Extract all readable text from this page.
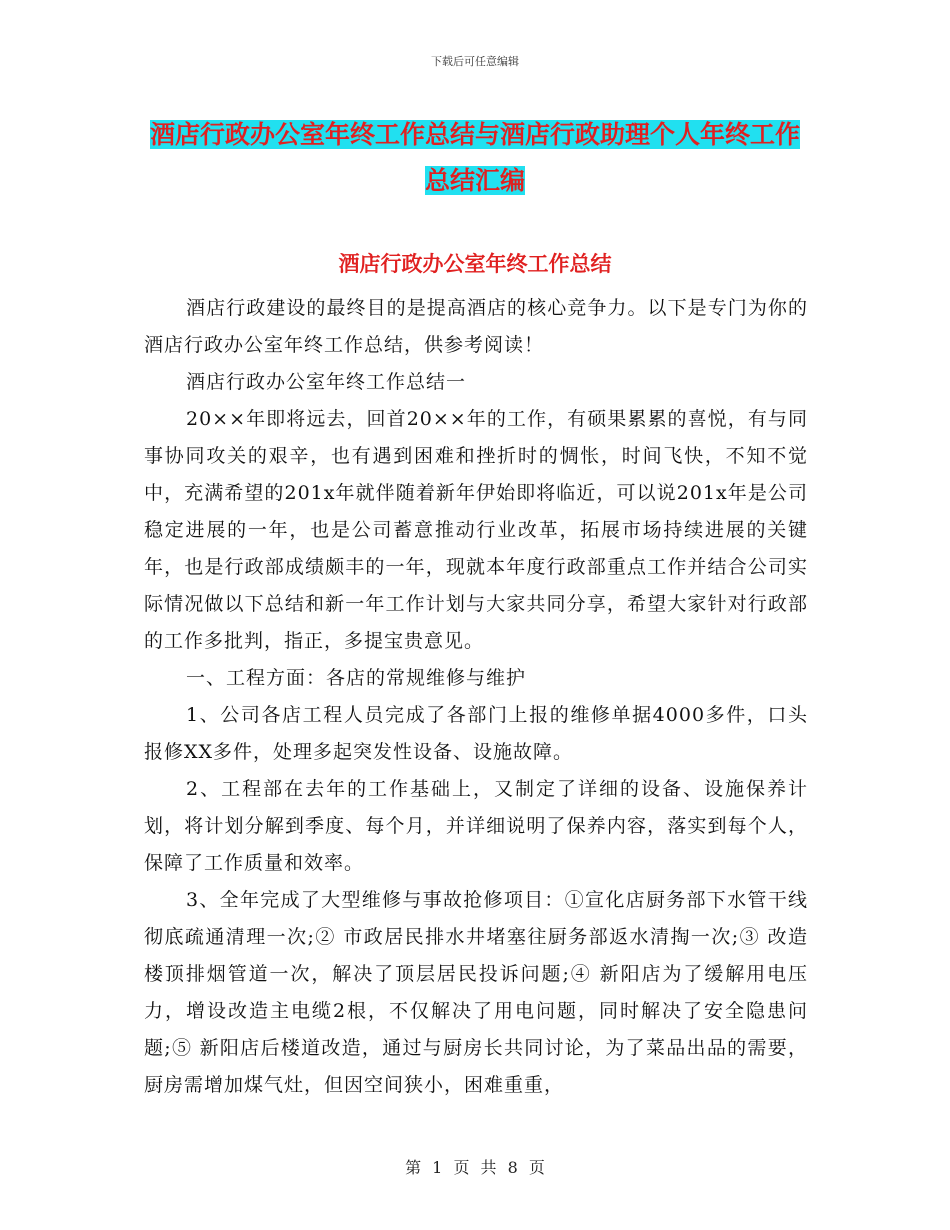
下载后可任意编辑
酒店行政办公室年终工作总结与酒店行政助理个人年终工作总结汇编
酒店行政办公室年终工作总结

酒店行政建设的最终目的是提高酒店的核心竞争力。以下是专门为你的酒店行政办公室年终工作总结，供参考阅读！

酒店行政办公室年终工作总结一

20××年即将远去，回首20××年的工作，有硕果累累的喜悦，有与同事协同攻关的艰辛，也有遇到困难和挫折时的惆怅，时间飞快，不知不觉中，充满希望的201x年就伴随着新年伊始即将临近，可以说201x年是公司稳定进展的一年，也是公司蓄意推动行业改革，拓展市场持续进展的关键年，也是行政部成绩颇丰的一年，现就本年度行政部重点工作并结合公司实际情况做以下总结和新一年工作计划与大家共同分享，希望大家针对行政部的工作多批判，指正，多提宝贵意见。

一、工程方面：各店的常规维修与维护

1、公司各店工程人员完成了各部门上报的维修单据4000多件，口头报修XX多件，处理多起突发性设备、设施故障。

2、工程部在去年的工作基础上，又制定了详细的设备、设施保养计划，将计划分解到季度、每个月，并详细说明了保养内容，落实到每个人，保障了工作质量和效率。

3、全年完成了大型维修与事故抢修项目：①宣化店厨务部下水管干线彻底疏通清理一次;② 市政居民排水井堵塞往厨务部返水清掏一次;③ 改造楼顶排烟管道一次，解决了顶层居民投诉问题;④ 新阳店为了缓解用电压力，增设改造主电缆2根，不仅解决了用电问题，同时解决了安全隐患问题;⑤ 新阳店后楼道改造，通过与厨房长共同讨论，为了菜品出品的需要，厨房需增加煤气灶，但因空间狭小，困难重重，

第 1 页 共 8 页
